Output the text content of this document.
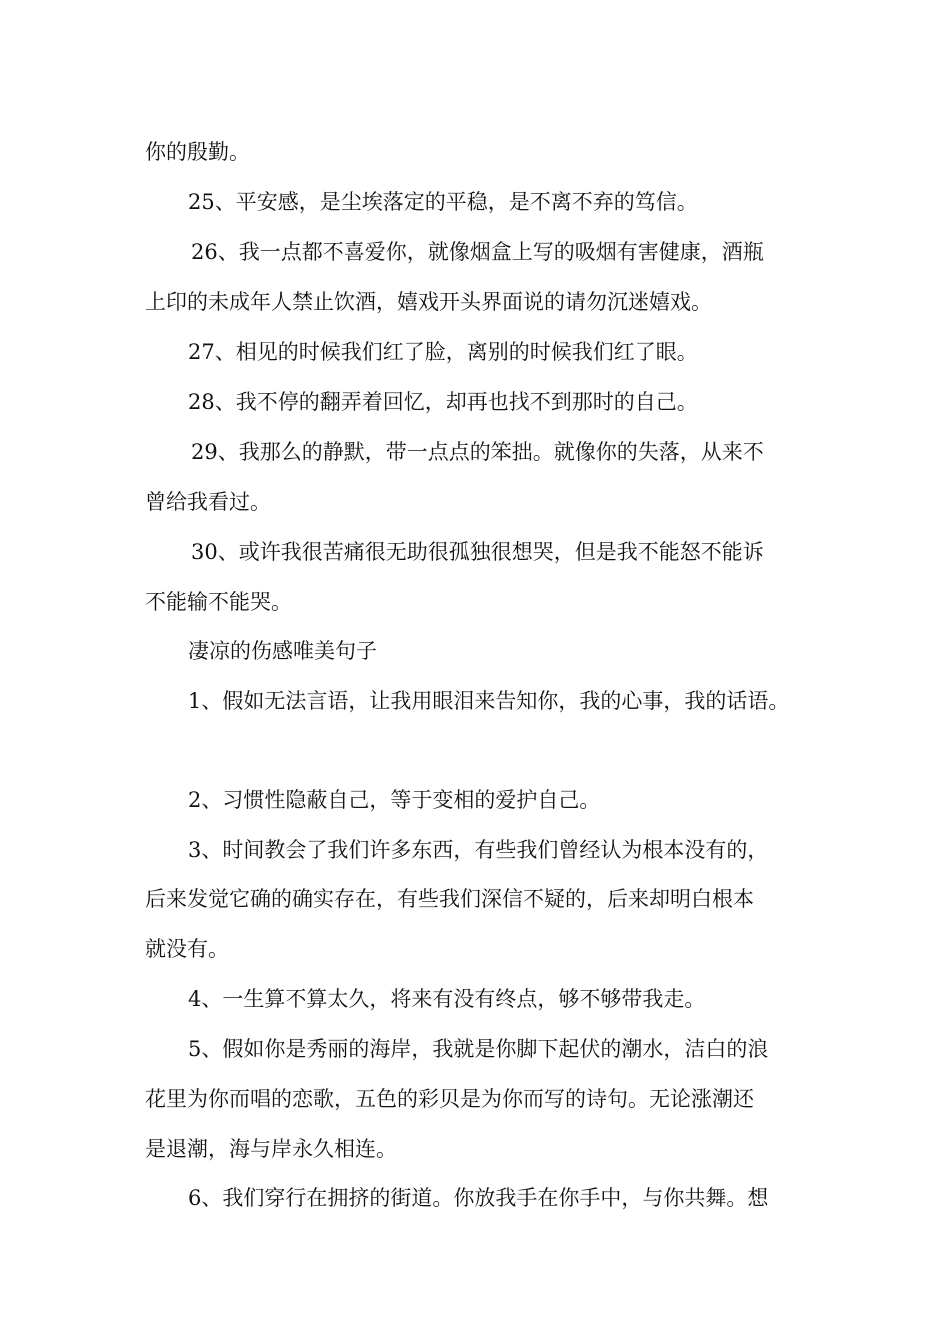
你的殷勤。
25、平安感，是尘埃落定的平稳，是不离不弃的笃信。
26、我一点都不喜爱你，就像烟盒上写的吸烟有害健康，酒瓶
上印的未成年人禁止饮酒，嬉戏开头界面说的请勿沉迷嬉戏。
27、相见的时候我们红了脸，离别的时候我们红了眼。
28、我不停的翻弄着回忆，却再也找不到那时的自己。
29、我那么的静默，带一点点的笨拙。就像你的失落，从来不
曾给我看过。
30、或许我很苦痛很无助很孤独很想哭，但是我不能怒不能诉
不能输不能哭。
凄凉的伤感唯美句子
1、假如无法言语，让我用眼泪来告知你，我的心事，我的话语。
2、习惯性隐蔽自己，等于变相的爱护自己。
3、时间教会了我们许多东西，有些我们曾经认为根本没有的，
后来发觉它确的确实存在，有些我们深信不疑的，后来却明白根本
就没有。
4、一生算不算太久，将来有没有终点，够不够带我走。
5、假如你是秀丽的海岸，我就是你脚下起伏的潮水，洁白的浪
花里为你而唱的恋歌，五色的彩贝是为你而写的诗句。无论涨潮还
是退潮，海与岸永久相连。
6、我们穿行在拥挤的街道。你放我手在你手中，与你共舞。想
